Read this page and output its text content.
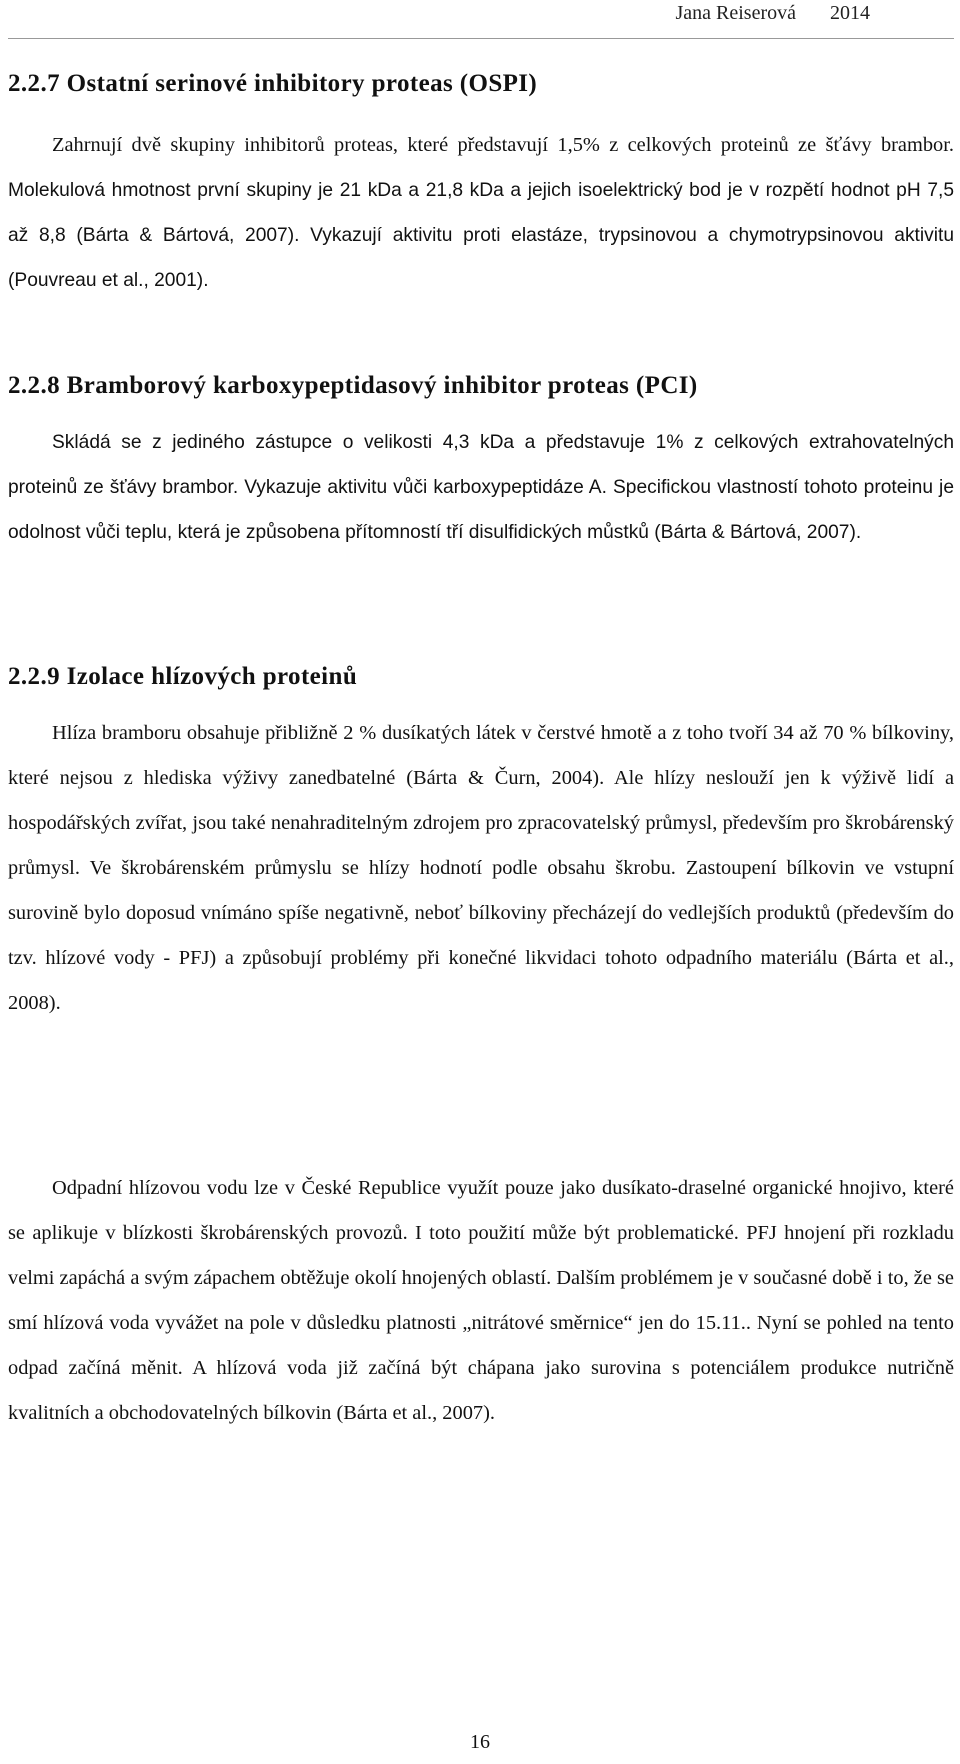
Jana Reiserová 2014
2.2.7 Ostatní serinové inhibitory proteas (OSPI)

Zahrnují dvě skupiny inhibitorů proteas, které představují 1,5% z celkových proteinů ze šťávy brambor. Molekulová hmotnost první skupiny je 21 kDa a 21,8 kDa a jejich isoelektrický bod je v rozpětí hodnot pH 7,5 až 8,8 (Bárta & Bártová, 2007). Vykazují aktivitu proti elastáze, trypsinovou a chymotrypsinovou aktivitu (Pouvreau et al., 2001).

2.2.8 Bramborový karboxypeptidasový inhibitor proteas (PCI)

Skládá se z jediného zástupce o velikosti 4,3 kDa a představuje 1% z celkových extrahovatelných proteinů ze šťávy brambor. Vykazuje aktivitu vůči karboxypeptidáze A. Specifickou vlastností tohoto proteinu je odolnost vůči teplu, která je způsobena přítomností tří disulfidických můstků (Bárta & Bártová, 2007).

2.2.9 Izolace hlízových proteinů

Hlíza bramboru obsahuje přibližně 2 % dusíkatých látek v čerstvé hmotě a z toho tvoří 34 až 70 % bílkoviny, které nejsou z hlediska výživy zanedbatelné (Bárta & Čurn, 2004). Ale hlízy neslouží jen k výživě lidí a hospodářských zvířat, jsou také nenahraditelným zdrojem pro zpracovatelský průmysl, především pro škrobárenský průmysl. Ve škrobárenském průmyslu se hlízy hodnotí podle obsahu škrobu. Zastoupení bílkovin ve vstupní surovině bylo doposud vnímáno spíše negativně, neboť bílkoviny přecházejí do vedlejších produktů (především do tzv. hlízové vody - PFJ) a způsobují problémy při konečné likvidaci tohoto odpadního materiálu (Bárta et al., 2008).

Odpadní hlízovou vodu lze v České Republice využít pouze jako dusíkato-draselné organické hnojivo, které se aplikuje v blízkosti škrobárenských provozů. I toto použití může být problematické. PFJ hnojení při rozkladu velmi zapáchá a svým zápachem obtěžuje okolí hnojených oblastí. Dalším problémem je v současné době i to, že se smí hlízová voda vyvážet na pole v důsledku platnosti „nitrátové směrnice“ jen do 15.11.. Nyní se pohled na tento odpad začíná měnit. A hlízová voda již začíná být chápana jako surovina s potenciálem produkce nutričně kvalitních a obchodovatelných bílkovin (Bárta et al., 2007).

16
